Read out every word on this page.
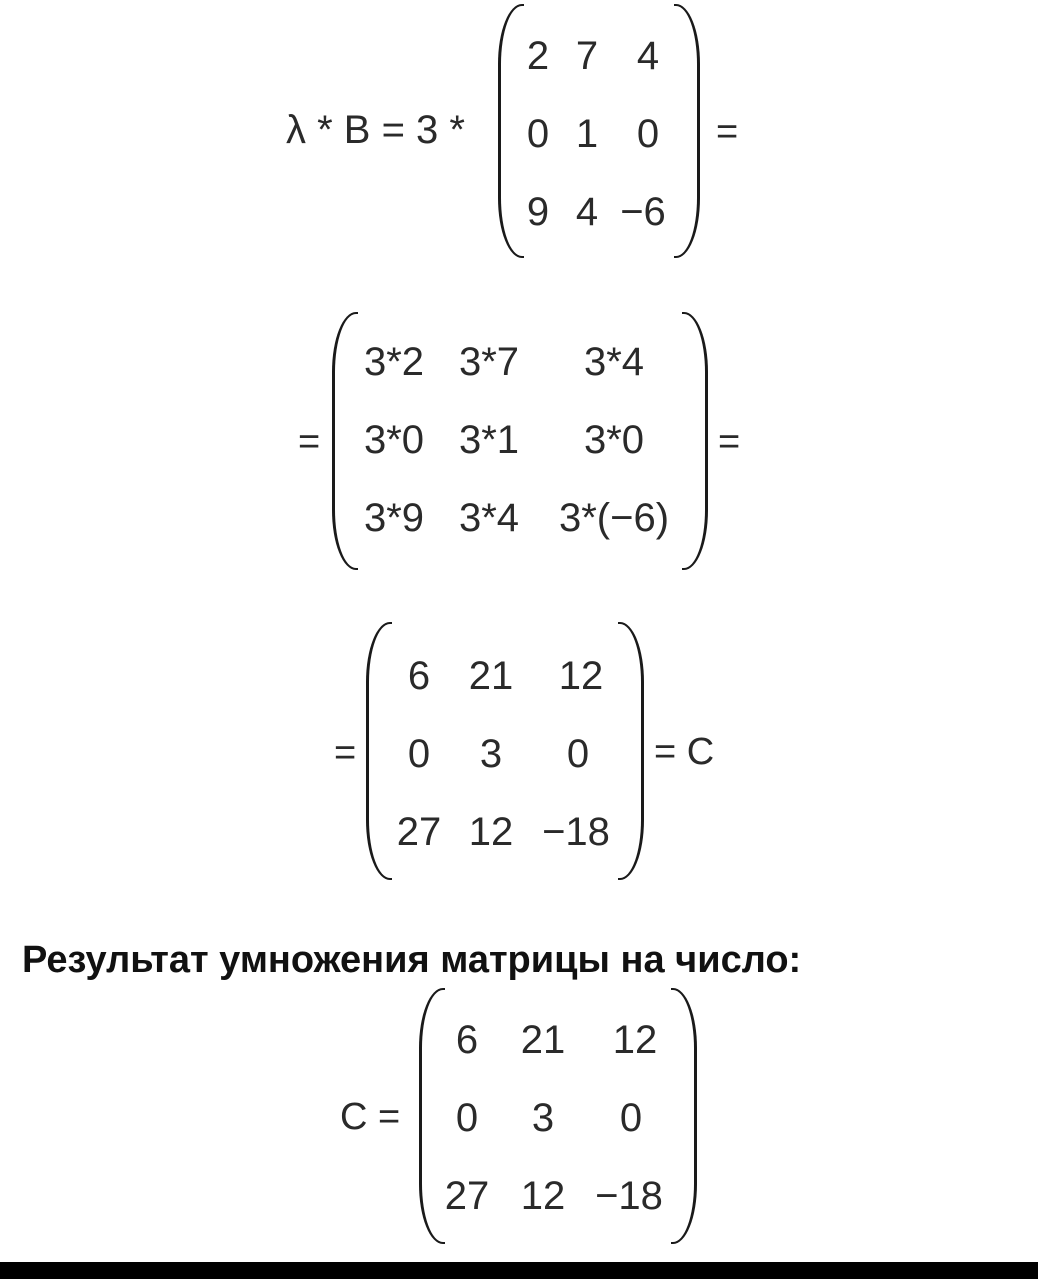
λ * B = 3 *
2 7 4
0 1 0
9 4 −6
=
=
3*2 3*7 3*4
3*0 3*1 3*0
3*9 3*4 3*(−6)
=
=
6 21 12
0 3 0
27 12 −18
= C
Результат умножения матрицы на число:
C =
6 21 12
0 3 0
27 12 −18
